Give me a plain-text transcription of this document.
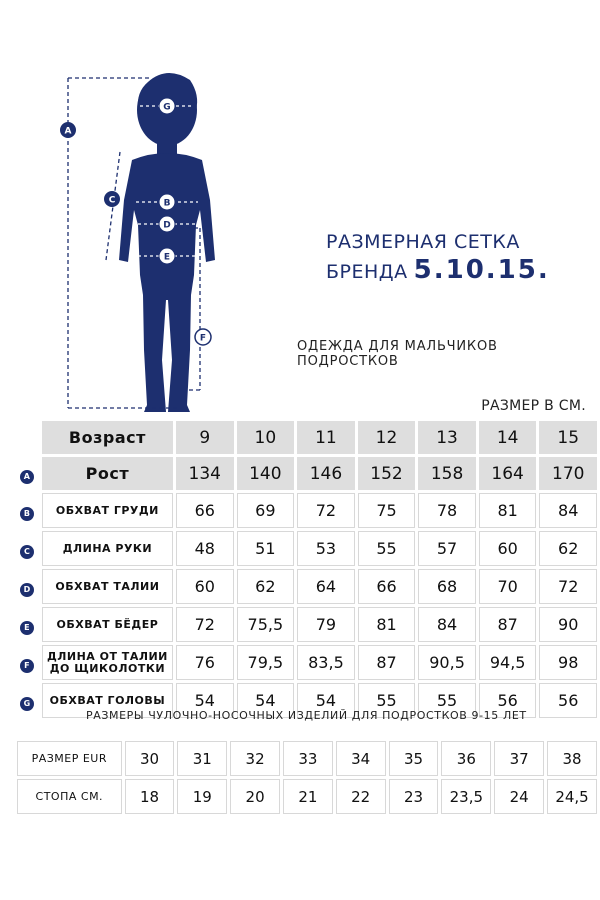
A
C
G
B
D
E
F
РАЗМЕРНАЯ СЕТКА
БРЕНДА 5.10.15.
ОДЕЖДА ДЛЯ МАЛЬЧИКОВ ПОДРОСТКОВ
РАЗМЕР В СМ.
	Возраст	9	10	11	12	13	14	15
A	Рост	134	140	146	152	158	164	170
B	ОБХВАТ ГРУДИ	66	69	72	75	78	81	84
C	ДЛИНА РУКИ	48	51	53	55	57	60	62
D	ОБХВАТ ТАЛИИ	60	62	64	66	68	70	72
E	ОБХВАТ БЁДЕР	72	75,5	79	81	84	87	90
F	ДЛИНА ОТ ТАЛИИ ДО ЩИКОЛОТКИ	76	79,5	83,5	87	90,5	94,5	98
G	ОБХВАТ ГОЛОВЫ	54	54	54	55	55	56	56
РАЗМЕРЫ ЧУЛОЧНО-НОСОЧНЫХ ИЗДЕЛИЙ ДЛЯ ПОДРОСТКОВ 9-15 ЛЕТ
РАЗМЕР EUR	30	31	32	33	34	35	36	37	38
СТОПА СМ.	18	19	20	21	22	23	23,5	24	24,5
